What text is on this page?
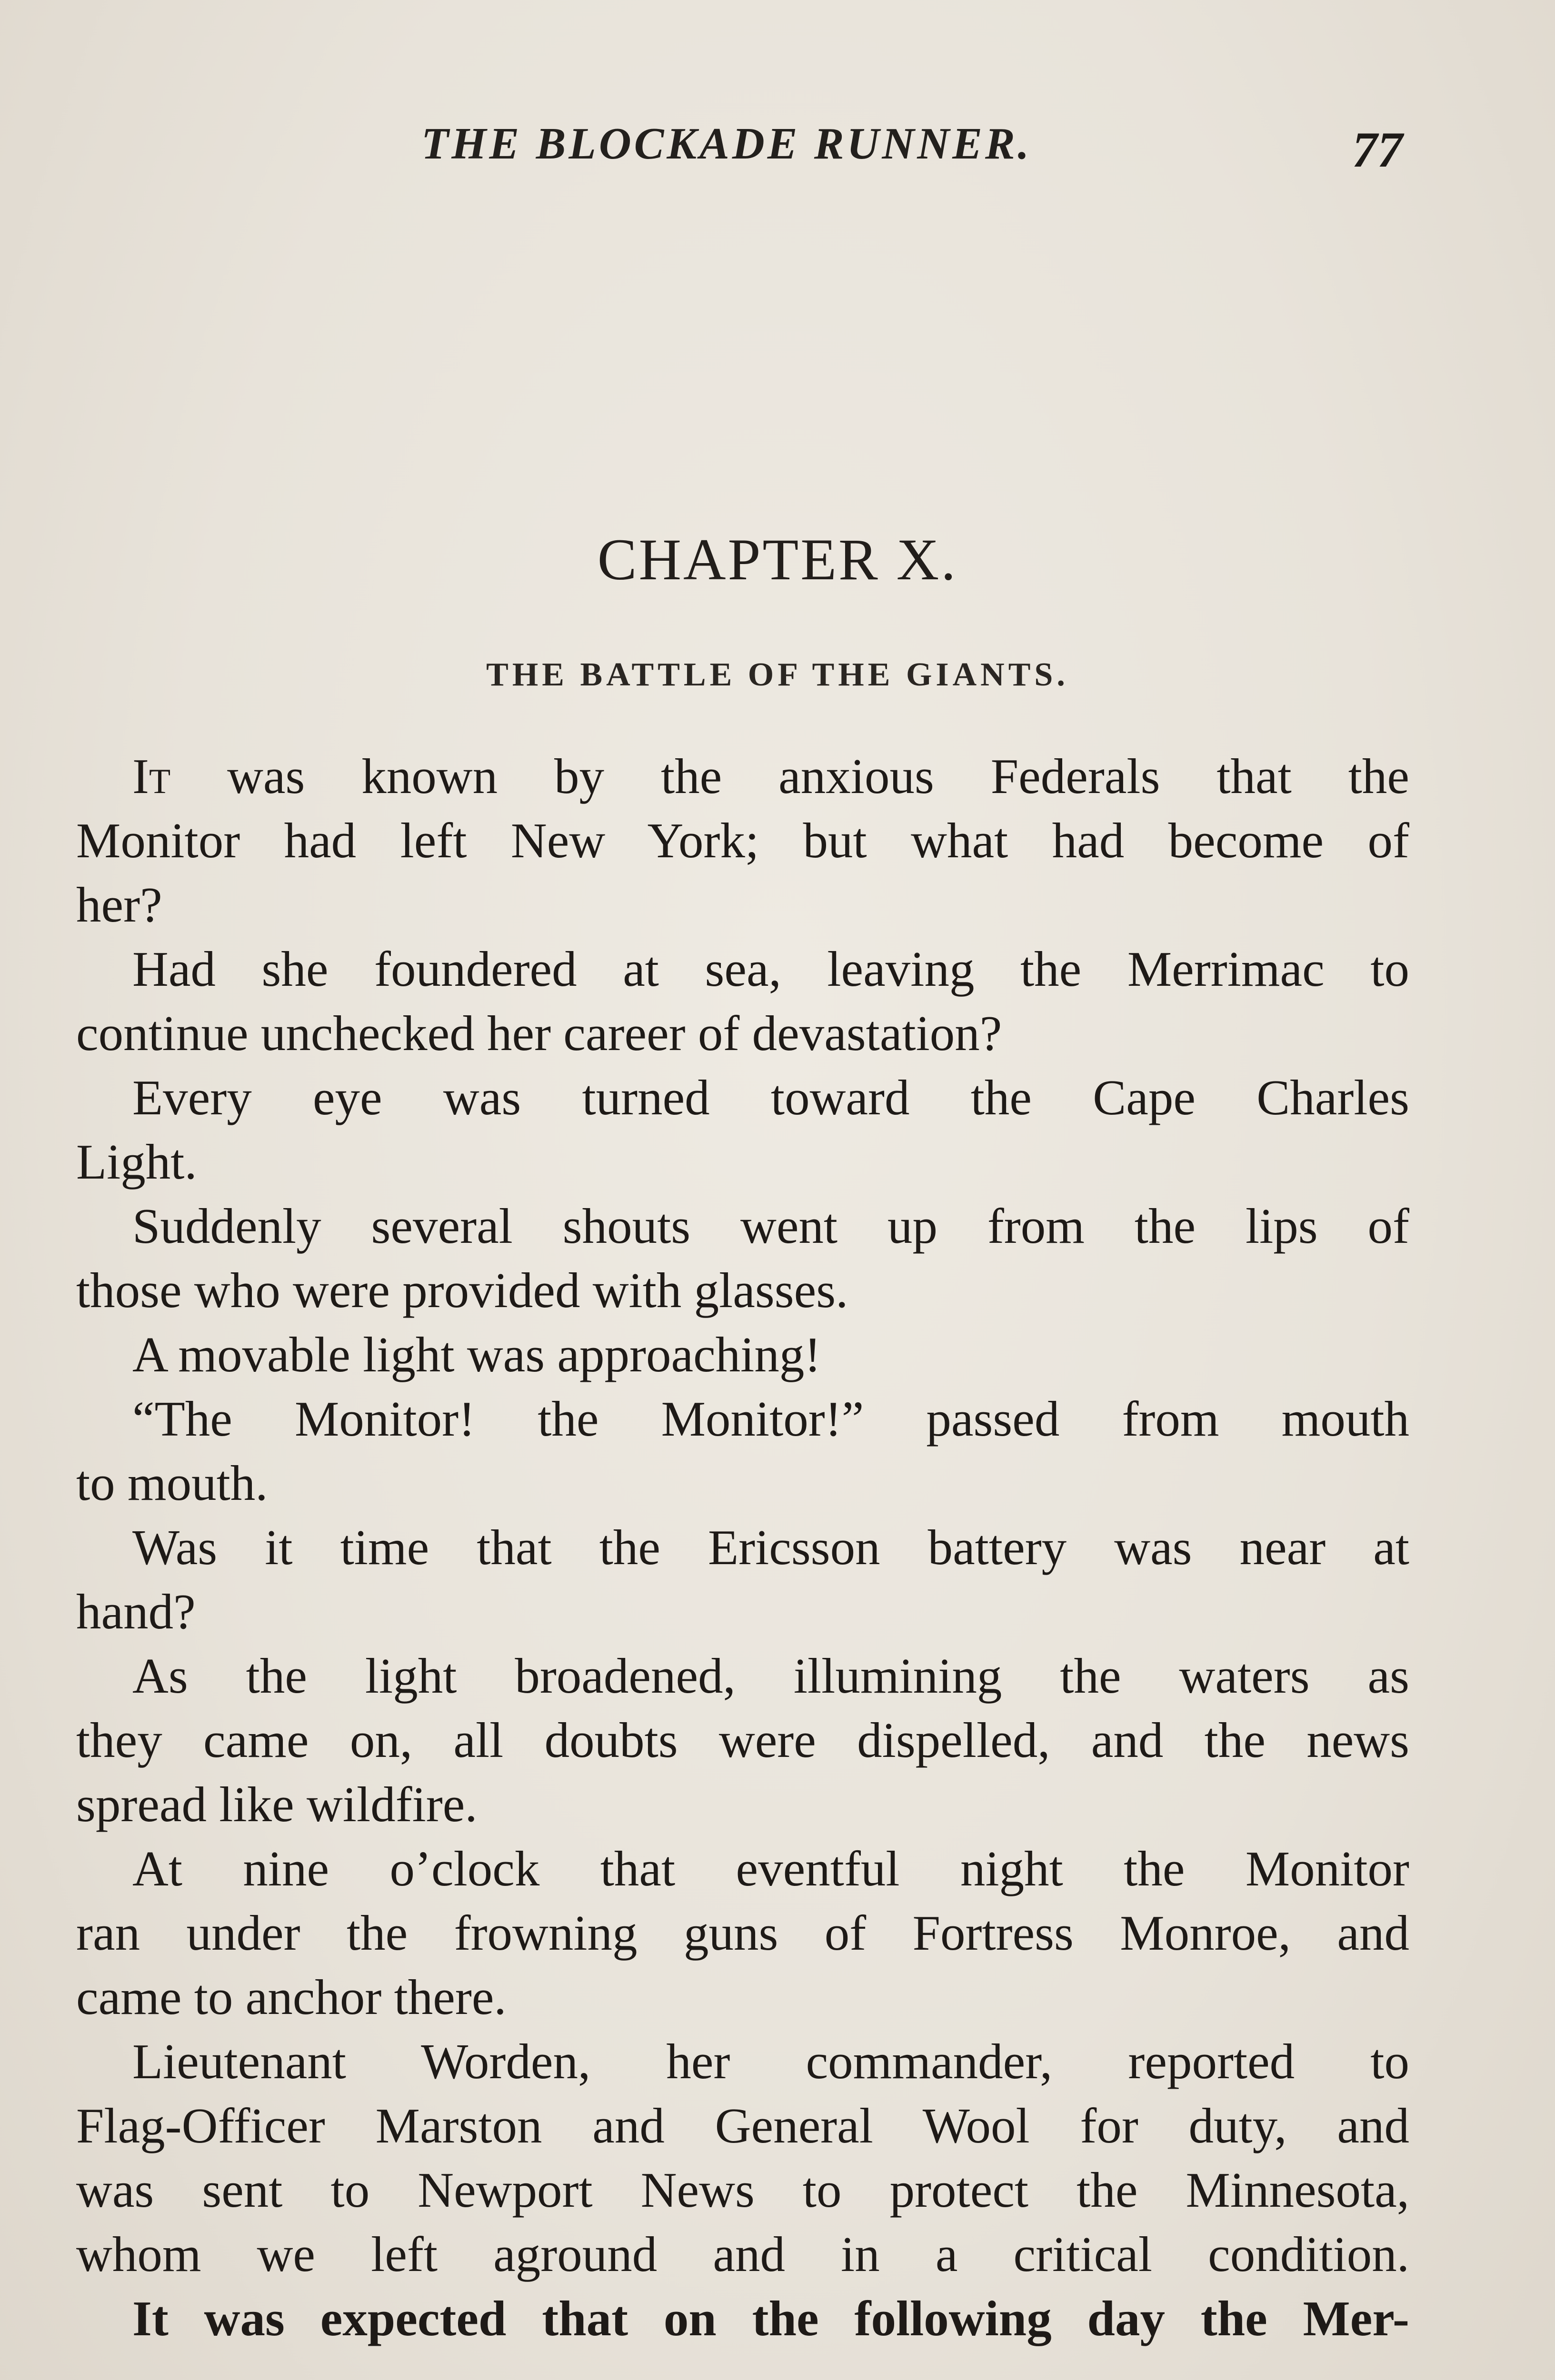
THE BLOCKADE RUNNER.	77
CHAPTER X.
THE BATTLE OF THE GIANTS.
It was known by the anxious Federals that the
Monitor had left New York; but what had become of
her?
Had she foundered at sea, leaving the Merrimac to
continue unchecked her career of devastation?
Every eye was turned toward the Cape Charles
Light.
Suddenly several shouts went up from the lips of
those who were provided with glasses.
A movable light was approaching!
“The Monitor! the Monitor!” passed from mouth
to mouth.
Was it time that the Ericsson battery was near at
hand?
As the light broadened, illumining the waters as
they came on, all doubts were dispelled, and the news
spread like wildfire.
At nine o’clock that eventful night the Monitor
ran under the frowning guns of Fortress Monroe, and
came to anchor there.
Lieutenant Worden, her commander, reported to
Flag-Officer Marston and General Wool for duty, and
was sent to Newport News to protect the Minnesota,
whom we left aground and in a critical condition.
It was expected that on the following day the Mer-
